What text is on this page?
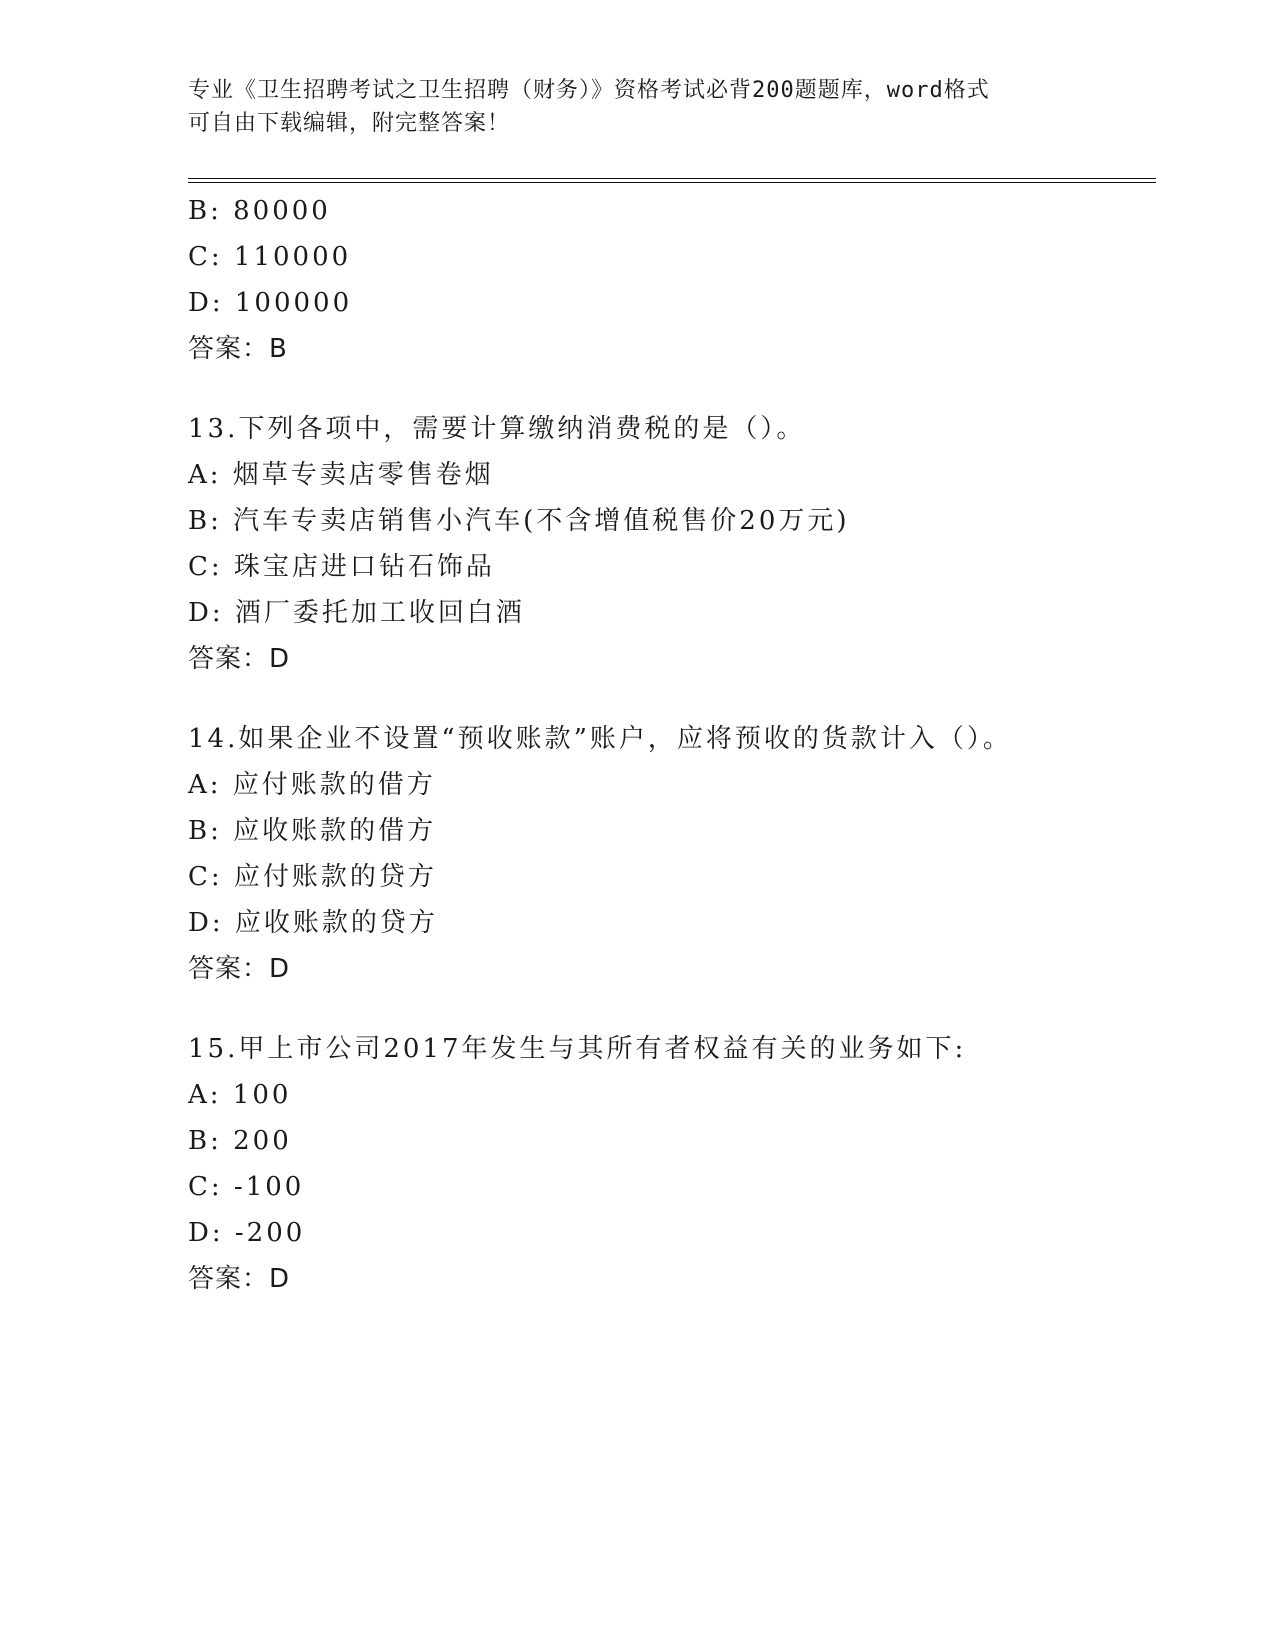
专业《卫生招聘考试之卫生招聘（财务）》资格考试必背200题题库，word格式
可自由下载编辑，附完整答案！
B: 80000
C: 110000
D: 100000
答案：B
13.下列各项中，需要计算缴纳消费税的是（）。
A: 烟草专卖店零售卷烟
B: 汽车专卖店销售小汽车(不含增值税售价20万元)
C: 珠宝店进口钻石饰品
D: 酒厂委托加工收回白酒
答案：D
14.如果企业不设置“预收账款”账户，应将预收的货款计入（）。
A: 应付账款的借方
B: 应收账款的借方
C: 应付账款的贷方
D: 应收账款的贷方
答案：D
15.甲上市公司2017年发生与其所有者权益有关的业务如下:
A: 100
B: 200
C: -100
D: -200
答案：D
